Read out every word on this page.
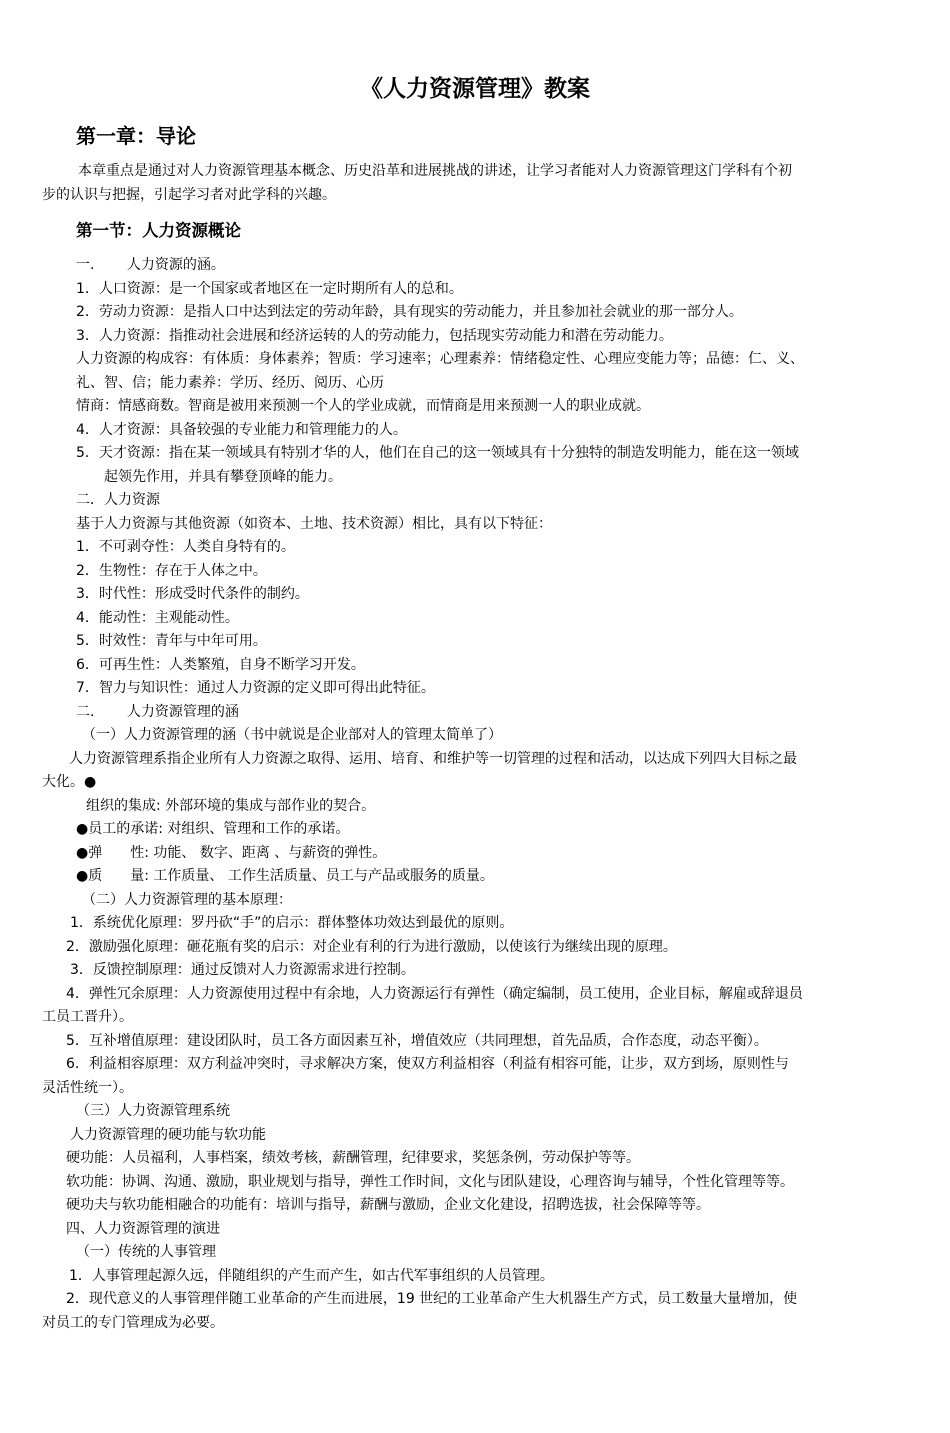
《人力资源管理》教案
第一章：导论
本章重点是通过对人力资源管理基本概念、历史沿革和进展挑战的讲述，让学习者能对人力资源管理这门学科有个初
步的认识与把握，引起学习者对此学科的兴趣。
第一节：人力资源概论
一.　　 人力资源的涵。
1．人口资源：是一个国家或者地区在一定时期所有人的总和。
2．劳动力资源：是指人口中达到法定的劳动年龄，具有现实的劳动能力，并且参加社会就业的那一部分人。
3．人力资源：指推动社会进展和经济运转的人的劳动能力，包括现实劳动能力和潜在劳动能力。
人力资源的构成容：有体质：身体素养；智质：学习速率；心理素养：情绪稳定性、心理应变能力等；品德：仁、义、
礼、智、信；能力素养：学历、经历、阅历、心历
情商：情感商数。智商是被用来预测一个人的学业成就，而情商是用来预测一人的职业成就。
4．人才资源：具备较强的专业能力和管理能力的人。
5．天才资源：指在某一领域具有特别才华的人，他们在自己的这一领域具有十分独特的制造发明能力，能在这一领域
起领先作用，并具有攀登顶峰的能力。
二．人力资源
基于人力资源与其他资源（如资本、土地、技术资源）相比，具有以下特征：
1．不可剥夺性：人类自身特有的。
2．生物性：存在于人体之中。
3．时代性：形成受时代条件的制约。
4．能动性：主观能动性。
5．时效性：青年与中年可用。
6．可再生性：人类繁殖，自身不断学习开发。
7．智力与知识性：通过人力资源的定义即可得出此特征。
二.　　 人力资源管理的涵
（一）人力资源管理的涵（书中就说是企业部对人的管理太简单了）
人力资源管理系指企业所有人力资源之取得、运用、培育、和维护等一切管理的过程和活动，以达成下列四大目标之最
大化。●
组织的集成: 外部环境的集成与部作业的契合。
●员工的承诺: 对组织、管理和工作的承诺。
●弹　　性: 功能、 数字、距离 、与薪资的弹性。
●质　　量: 工作质量、 工作生活质量、员工与产品或服务的质量。
（二）人力资源管理的基本原理：
1．系统优化原理：罗丹砍“手”的启示：群体整体功效达到最优的原则。
2．激励强化原理：砸花瓶有奖的启示：对企业有利的行为进行激励，以使该行为继续出现的原理。
3．反馈控制原理：通过反馈对人力资源需求进行控制。
4．弹性冗余原理：人力资源使用过程中有余地，人力资源运行有弹性（确定编制，员工使用，企业目标，解雇或辞退员
工员工晋升）。
5．互补增值原理：建设团队时，员工各方面因素互补，增值效应（共同理想，首先品质，合作态度，动态平衡）。
6．利益相容原理：双方利益冲突时，寻求解决方案，使双方利益相容（利益有相容可能，让步，双方到场，原则性与
灵活性统一）。
（三）人力资源管理系统
人力资源管理的硬功能与软功能
硬功能：人员福利，人事档案，绩效考核，薪酬管理，纪律要求，奖惩条例，劳动保护等等。
软功能：协调、沟通、激励，职业规划与指导，弹性工作时间，文化与团队建设，心理咨询与辅导，个性化管理等等。
硬功夫与软功能相融合的功能有：培训与指导，薪酬与激励，企业文化建设，招聘选拔，社会保障等等。
四、人力资源管理的演进
（一）传统的人事管理
1．人事管理起源久远，伴随组织的产生而产生，如古代军事组织的人员管理。
2．现代意义的人事管理伴随工业革命的产生而进展，19 世纪的工业革命产生大机器生产方式，员工数量大量增加，使
对员工的专门管理成为必要。
